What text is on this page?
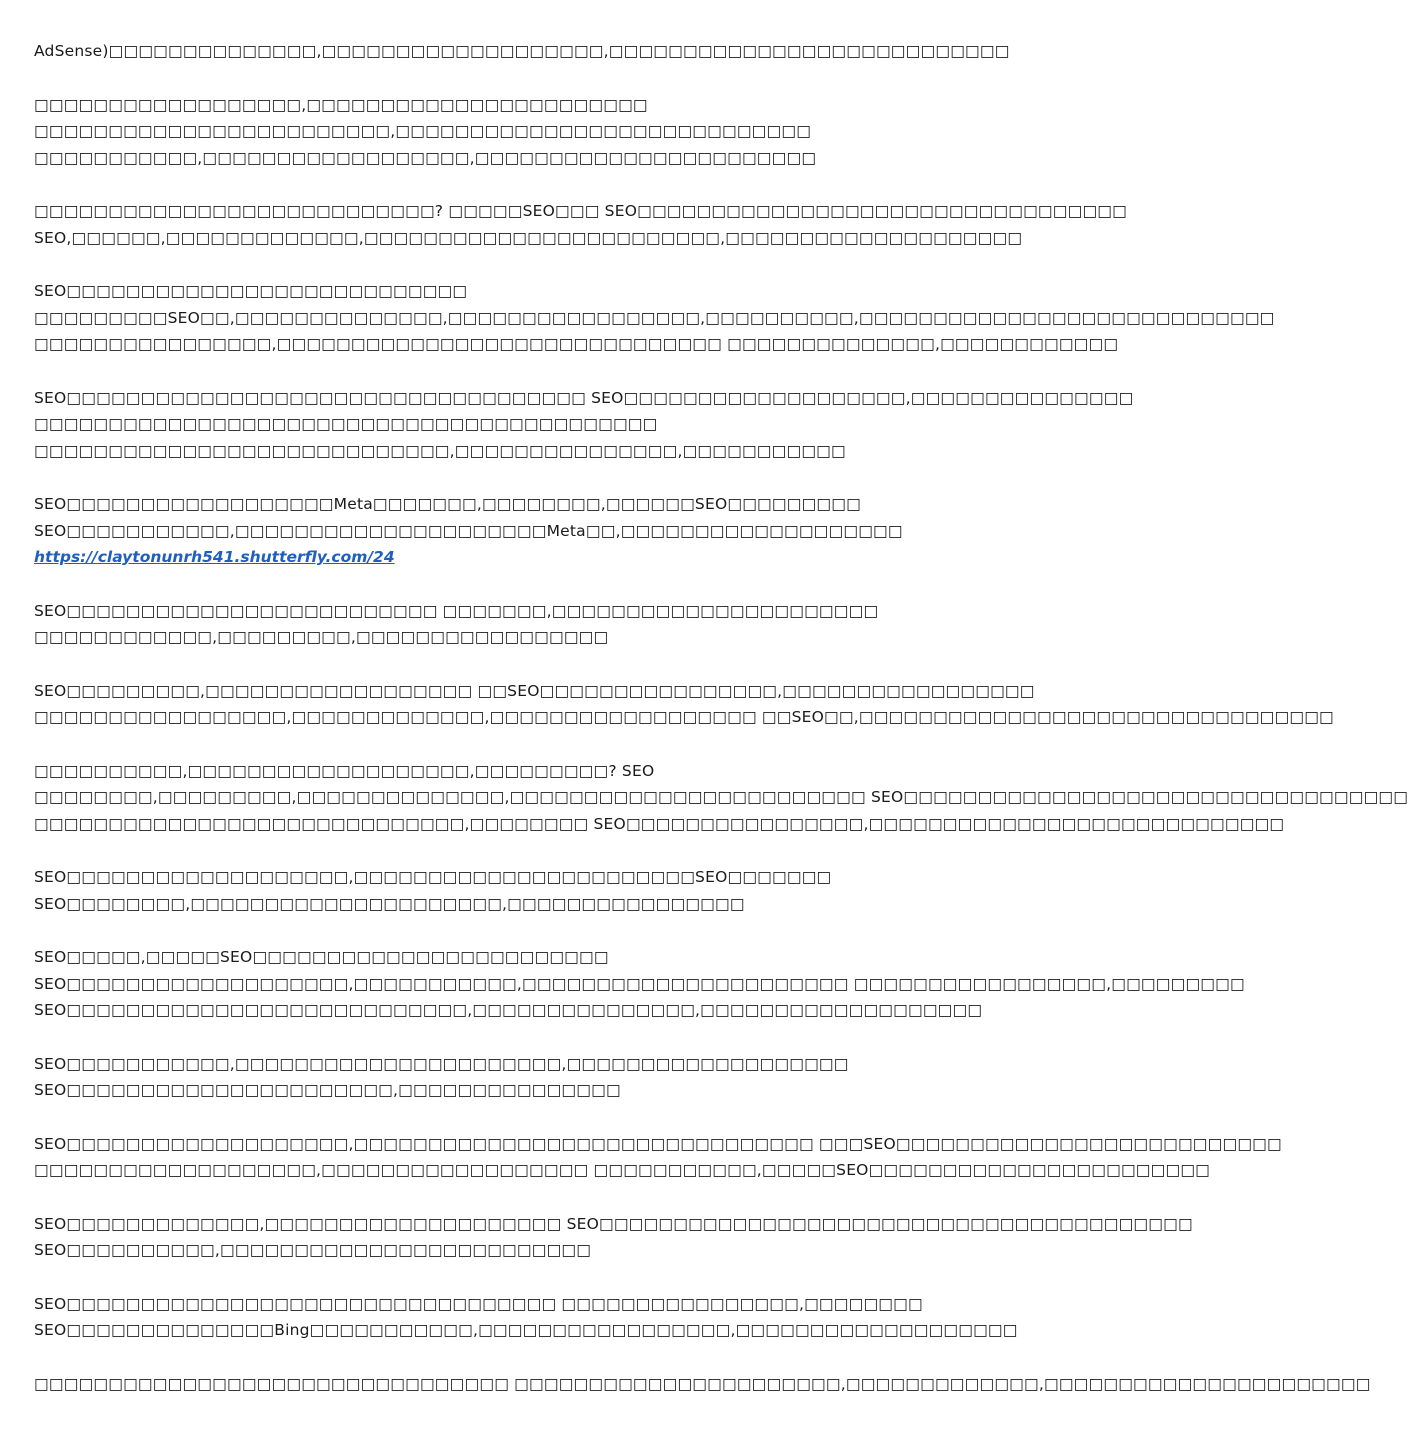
AdSense)□□□□□□□□□□□□□□,□□□□□□□□□□□□□□□□□□□,□□□□□□□□□□□□□□□□□□□□□□□□□□□
□□□□□□□□□□□□□□□□□□,□□□□□□□□□□□□□□□□□□□□□□□
□□□□□□□□□□□□□□□□□□□□□□□□,□□□□□□□□□□□□□□□□□□□□□□□□□□□□
□□□□□□□□□□□,□□□□□□□□□□□□□□□□□□,□□□□□□□□□□□□□□□□□□□□□□□
□□□□□□□□□□□□□□□□□□□□□□□□□□□? □□□□□SEO□□□ SEO□□□□□□□□□□□□□□□□□□□□□□□□□□□□□□□□□
SEO,□□□□□□,□□□□□□□□□□□□□,□□□□□□□□□□□□□□□□□□□□□□□□,□□□□□□□□□□□□□□□□□□□□
SEO□□□□□□□□□□□□□□□□□□□□□□□□□□□
□□□□□□□□□SEO□□,□□□□□□□□□□□□□□,□□□□□□□□□□□□□□□□□,□□□□□□□□□□,□□□□□□□□□□□□□□□□□□□□□□□□□□□□
□□□□□□□□□□□□□□□□,□□□□□□□□□□□□□□□□□□□□□□□□□□□□□□ □□□□□□□□□□□□□□,□□□□□□□□□□□□
SEO□□□□□□□□□□□□□□□□□□□□□□□□□□□□□□□□□□□ SEO□□□□□□□□□□□□□□□□□□□,□□□□□□□□□□□□□□□
□□□□□□□□□□□□□□□□□□□□□□□□□□□□□□□□□□□□□□□□□□
□□□□□□□□□□□□□□□□□□□□□□□□□□□□,□□□□□□□□□□□□□□□,□□□□□□□□□□□
SEO□□□□□□□□□□□□□□□□□□Meta□□□□□□□,□□□□□□□□,□□□□□□SEO□□□□□□□□□
SEO□□□□□□□□□□□,□□□□□□□□□□□□□□□□□□□□□Meta□□,□□□□□□□□□□□□□□□□□□□
https://claytonunrh541.shutterfly.com/24
SEO□□□□□□□□□□□□□□□□□□□□□□□□□ □□□□□□□,□□□□□□□□□□□□□□□□□□□□□□
□□□□□□□□□□□□,□□□□□□□□□,□□□□□□□□□□□□□□□□□
SEO□□□□□□□□□,□□□□□□□□□□□□□□□□□□ □□SEO□□□□□□□□□□□□□□□□,□□□□□□□□□□□□□□□□□
□□□□□□□□□□□□□□□□□,□□□□□□□□□□□□□,□□□□□□□□□□□□□□□□□□ □□SEO□□,□□□□□□□□□□□□□□□□□□□□□□□□□□□□□□□□
□□□□□□□□□□,□□□□□□□□□□□□□□□□□□□,□□□□□□□□□? SEO
□□□□□□□□,□□□□□□□□□,□□□□□□□□□□□□□□,□□□□□□□□□□□□□□□□□□□□□□□□ SEO□□□□□□□□□□□□□□□□□□□□□□□□□□□□□□□□□□
□□□□□□□□□□□□□□□□□□□□□□□□□□□□□,□□□□□□□□ SEO□□□□□□□□□□□□□□□□,□□□□□□□□□□□□□□□□□□□□□□□□□□□□
SEO□□□□□□□□□□□□□□□□□□□,□□□□□□□□□□□□□□□□□□□□□□□SEO□□□□□□□
SEO□□□□□□□□,□□□□□□□□□□□□□□□□□□□□□,□□□□□□□□□□□□□□□□
SEO□□□□□,□□□□□SEO□□□□□□□□□□□□□□□□□□□□□□□□
SEO□□□□□□□□□□□□□□□□□□□,□□□□□□□□□□□,□□□□□□□□□□□□□□□□□□□□□□ □□□□□□□□□□□□□□□□□,□□□□□□□□□
SEO□□□□□□□□□□□□□□□□□□□□□□□□□□□,□□□□□□□□□□□□□□□,□□□□□□□□□□□□□□□□□□□
SEO□□□□□□□□□□□,□□□□□□□□□□□□□□□□□□□□□□,□□□□□□□□□□□□□□□□□□□
SEO□□□□□□□□□□□□□□□□□□□□□□,□□□□□□□□□□□□□□□
SEO□□□□□□□□□□□□□□□□□□□,□□□□□□□□□□□□□□□□□□□□□□□□□□□□□□□ □□□SEO□□□□□□□□□□□□□□□□□□□□□□□□□□
□□□□□□□□□□□□□□□□□□□,□□□□□□□□□□□□□□□□□□ □□□□□□□□□□□,□□□□□SEO□□□□□□□□□□□□□□□□□□□□□□□
SEO□□□□□□□□□□□□□,□□□□□□□□□□□□□□□□□□□□ SEO□□□□□□□□□□□□□□□□□□□□□□□□□□□□□□□□□□□□□□□□
SEO□□□□□□□□□□,□□□□□□□□□□□□□□□□□□□□□□□□□
SEO□□□□□□□□□□□□□□□□□□□□□□□□□□□□□□□□□ □□□□□□□□□□□□□□□□,□□□□□□□□
SEO□□□□□□□□□□□□□□Bing□□□□□□□□□□□,□□□□□□□□□□□□□□□□□,□□□□□□□□□□□□□□□□□□□
□□□□□□□□□□□□□□□□□□□□□□□□□□□□□□□□ □□□□□□□□□□□□□□□□□□□□□□,□□□□□□□□□□□□□,□□□□□□□□□□□□□□□□□□□□□□
